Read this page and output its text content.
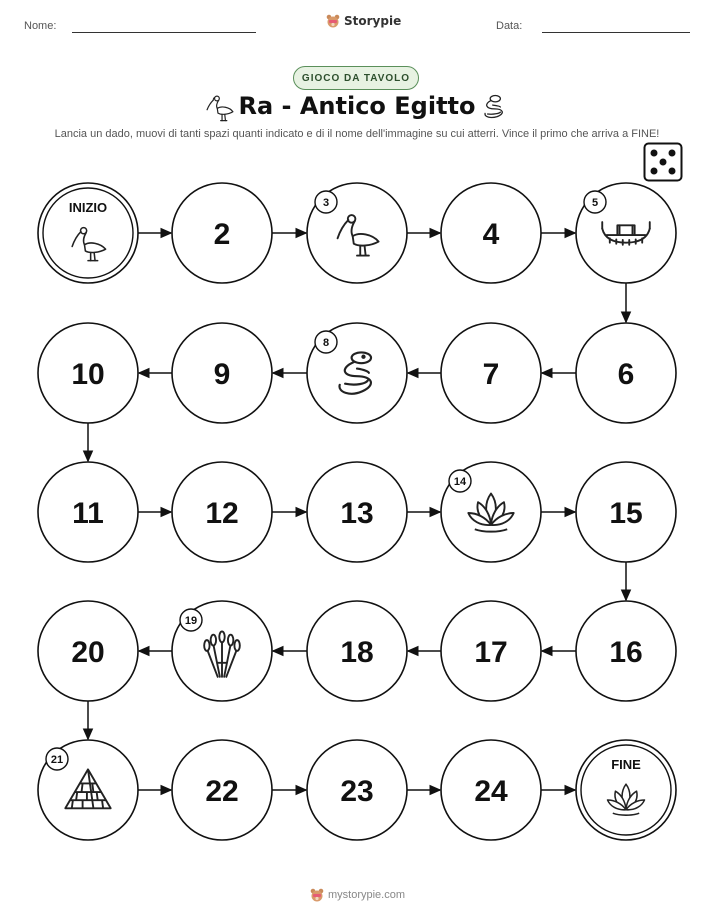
Nome:	Storypie	Data:
GIOCO DA TAVOLO
Ra - Antico Egitto
Lancia un dado, muovi di tanti spazi quanti indicato e di il nome dell'immagine su cui atterri. Vince il primo che arriva a FINE!
INIZIO
2
3
4
5
6
7
8
9
10
11	12	13
14
15
16
17
18
19
20
21
22	23	24
FINE
mystorypie.com
